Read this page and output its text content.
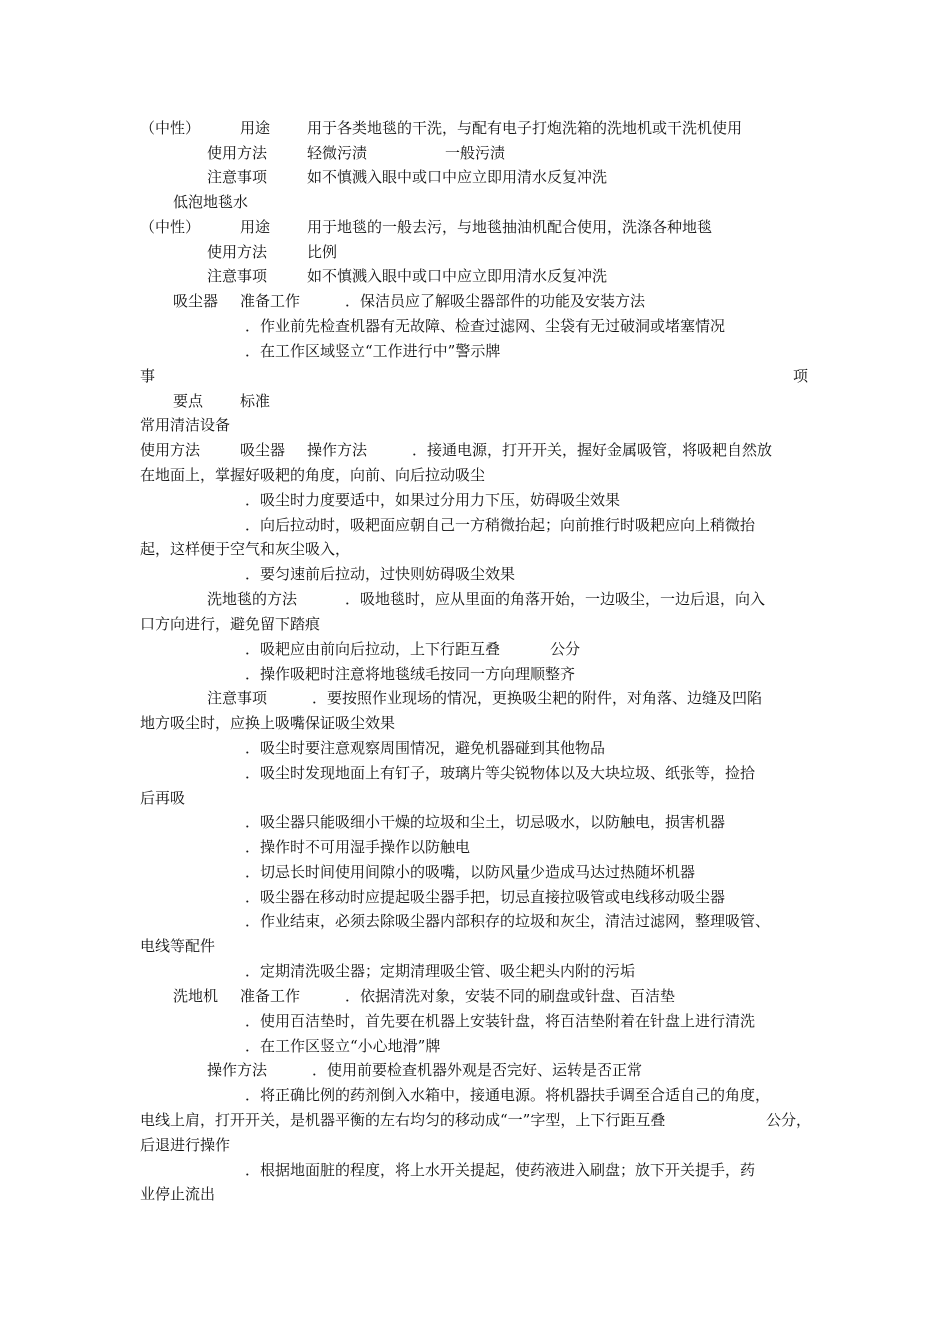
（中性）	用途 用于各类地毯的干洗，与配有电子打炮洗箱的洗地机或干洗机使用
使用方法	轻微污渍	一般污渍
注意事项	如不慎溅入眼中或口中应立即用清水反复冲洗
低泡地毯水
（中性）	用途 用于地毯的一般去污，与地毯抽油机配合使用，洗涤各种地毯
使用方法	比例
注意事项	如不慎溅入眼中或口中应立即用清水反复冲洗
吸尘器 准备工作	．保洁员应了解吸尘器部件的功能及安装方法
．作业前先检查机器有无故障、检查过滤网、尘袋有无过破洞或堵塞情况
．在工作区域竖立“工作进行中”警示牌
事	项
要点 标准
常用清洁设备
使用方法	吸尘器 操作方法	．接通电源，打开开关，握好金属吸管，将吸耙自然放
在地面上，掌握好吸耙的角度，向前、向后拉动吸尘
．吸尘时力度要适中，如果过分用力下压，妨碍吸尘效果
．向后拉动时，吸耙面应朝自己一方稍微抬起；向前推行时吸耙应向上稍微抬
起，这样便于空气和灰尘吸入，
．要匀速前后拉动，过快则妨碍吸尘效果
洗地毯的方法	．吸地毯时，应从里面的角落开始，一边吸尘，一边后退，向入
口方向进行，避免留下踏痕
．吸耙应由前向后拉动，上下行距互叠	公分
．操作吸耙时注意将地毯绒毛按同一方向理顺整齐
注意事项	．要按照作业现场的情况，更换吸尘耙的附件，对角落、边缝及凹陷
地方吸尘时，应换上吸嘴保证吸尘效果
．吸尘时要注意观察周围情况，避免机器碰到其他物品
．吸尘时发现地面上有钉子，玻璃片等尖锐物体以及大块垃圾、纸张等，捡拾
后再吸
．吸尘器只能吸细小干燥的垃圾和尘土，切忌吸水，以防触电，损害机器
．操作时不可用湿手操作以防触电
．切忌长时间使用间隙小的吸嘴，以防风量少造成马达过热随坏机器
．吸尘器在移动时应提起吸尘器手把，切忌直接拉吸管或电线移动吸尘器
．作业结束，必须去除吸尘器内部积存的垃圾和灰尘，清洁过滤网，整理吸管、
电线等配件
．定期清洗吸尘器；定期清理吸尘管、吸尘耙头内附的污垢
洗地机 准备工作	．依据清洗对象，安装不同的刷盘或针盘、百洁垫
．使用百洁垫时，首先要在机器上安装针盘，将百洁垫附着在针盘上进行清洗
．在工作区竖立“小心地滑”牌
操作方法	．使用前要检查机器外观是否完好、运转是否正常
．将正确比例的药剂倒入水箱中，接通电源。将机器扶手调至合适自己的角度，
电线上肩，打开开关，是机器平衡的左右均匀的移动成“一”字型，上下行距互叠	公分，
后退进行操作
．根据地面脏的程度，将上水开关提起，使药液进入刷盘；放下开关提手，药
业停止流出
